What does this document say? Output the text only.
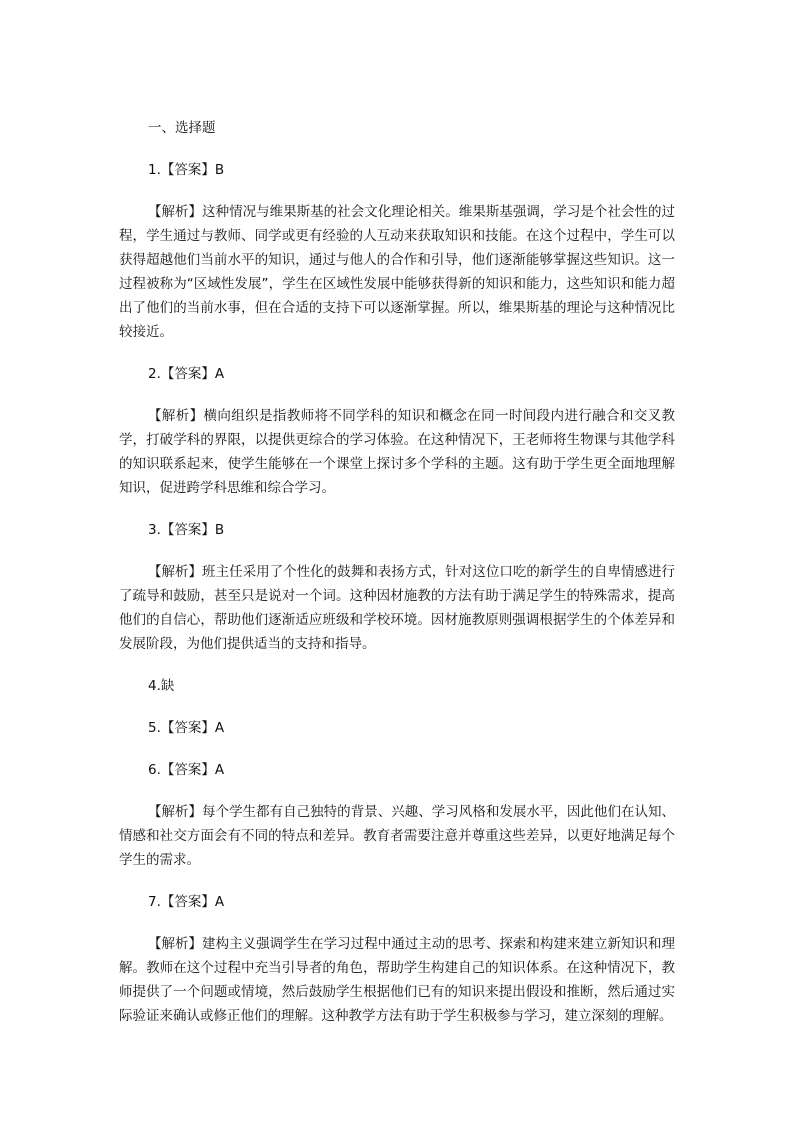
一、选择题

1.【答案】B

【解析】这种情况与维果斯基的社会文化理论相关。维果斯基强调，学习是个社会性的过程，学生通过与教师、同学或更有经验的人互动来获取知识和技能。在这个过程中，学生可以获得超越他们当前水平的知识，通过与他人的合作和引导，他们逐渐能够掌握这些知识。这一过程被称为“区域性发展”，学生在区域性发展中能够获得新的知识和能力，这些知识和能力超出了他们的当前水事，但在合适的支持下可以逐渐掌握。所以，维果斯基的理论与这种情况比较接近。

2.【答案】A

【解析】横向组织是指教师将不同学科的知识和概念在同一时间段内进行融合和交叉教学，打破学科的界限，以提供更综合的学习体验。在这种情况下，王老师将生物课与其他学科的知识联系起来，使学生能够在一个课堂上探讨多个学科的主题。这有助于学生更全面地理解知识，促进跨学科思维和综合学习。

3.【答案】B

【解析】班主任采用了个性化的鼓舞和表扬方式，针对这位口吃的新学生的自卑情感进行了疏导和鼓励，甚至只是说对一个词。这种因材施教的方法有助于满足学生的特殊需求，提高他们的自信心，帮助他们逐渐适应班级和学校环境。因材施教原则强调根据学生的个体差异和发展阶段，为他们提供适当的支持和指导。

4.缺

5.【答案】A

6.【答案】A

【解析】每个学生都有自己独特的背景、兴趣、学习风格和发展水平，因此他们在认知、情感和社交方面会有不同的特点和差异。教育者需要注意并尊重这些差异，以更好地满足每个学生的需求。

7.【答案】A

【解析】建构主义强调学生在学习过程中通过主动的思考、探索和构建来建立新知识和理解。教师在这个过程中充当引导者的角色，帮助学生构建自己的知识体系。在这种情况下，教师提供了一个问题或情境，然后鼓励学生根据他们已有的知识来提出假设和推断，然后通过实际验证来确认或修正他们的理解。这种教学方法有助于学生积极参与学习，建立深刻的理解。
